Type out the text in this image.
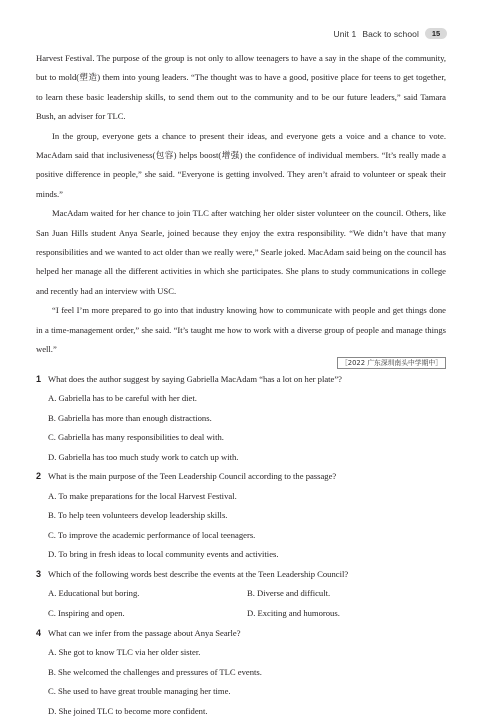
Unit 1 Back to school	15

Harvest Festival. The purpose of the group is not only to allow teenagers to have a say in the shape of the community, but to mold(塑造) them into young leaders. “The thought was to have a good, positive place for teens to get together, to learn these basic leadership skills, to send them out to the community and to be our future leaders,” said Tamara Bush, an adviser for TLC.

In the group, everyone gets a chance to present their ideas, and everyone gets a voice and a chance to vote. MacAdam said that inclusiveness(包容) helps boost(增强) the confidence of individual members. “It’s really made a positive difference in people,” she said. “Everyone is getting involved. They aren’t afraid to volunteer or speak their minds.”

MacAdam waited for her chance to join TLC after watching her older sister volunteer on the council. Others, like San Juan Hills student Anya Searle, joined because they enjoy the extra responsibility. “We didn’t have that many responsibilities and we wanted to act older than we really were,” Searle joked. MacAdam said being on the council has helped her manage all the different activities in which she participates. She plans to study communications in college and recently had an interview with USC.

“I feel I’m more prepared to go into that industry knowing how to communicate with people and get things done in a time-management order,” she said. “It’s taught me how to work with a diverse group of people and manage things well.”

［2022 广东深圳南头中学期中］

1 What does the author suggest by saying Gabriella MacAdam “has a lot on her plate”?

A. Gabriella has to be careful with her diet.

B. Gabriella has more than enough distractions.

C. Gabriella has many responsibilities to deal with.

D. Gabriella has too much study work to catch up with.

2 What is the main purpose of the Teen Leadership Council according to the passage?

A. To make preparations for the local Harvest Festival.

B. To help teen volunteers develop leadership skills.

C. To improve the academic performance of local teenagers.

D. To bring in fresh ideas to local community events and activities.

3 Which of the following words best describe the events at the Teen Leadership Council?

A. Educational but boring.	B. Diverse and difficult.

C. Inspiring and open.	D. Exciting and humorous.

4 What can we infer from the passage about Anya Searle?

A. She got to know TLC via her older sister.

B. She welcomed the challenges and pressures of TLC events.

C. She used to have great trouble managing her time.

D. She joined TLC to become more confident.
